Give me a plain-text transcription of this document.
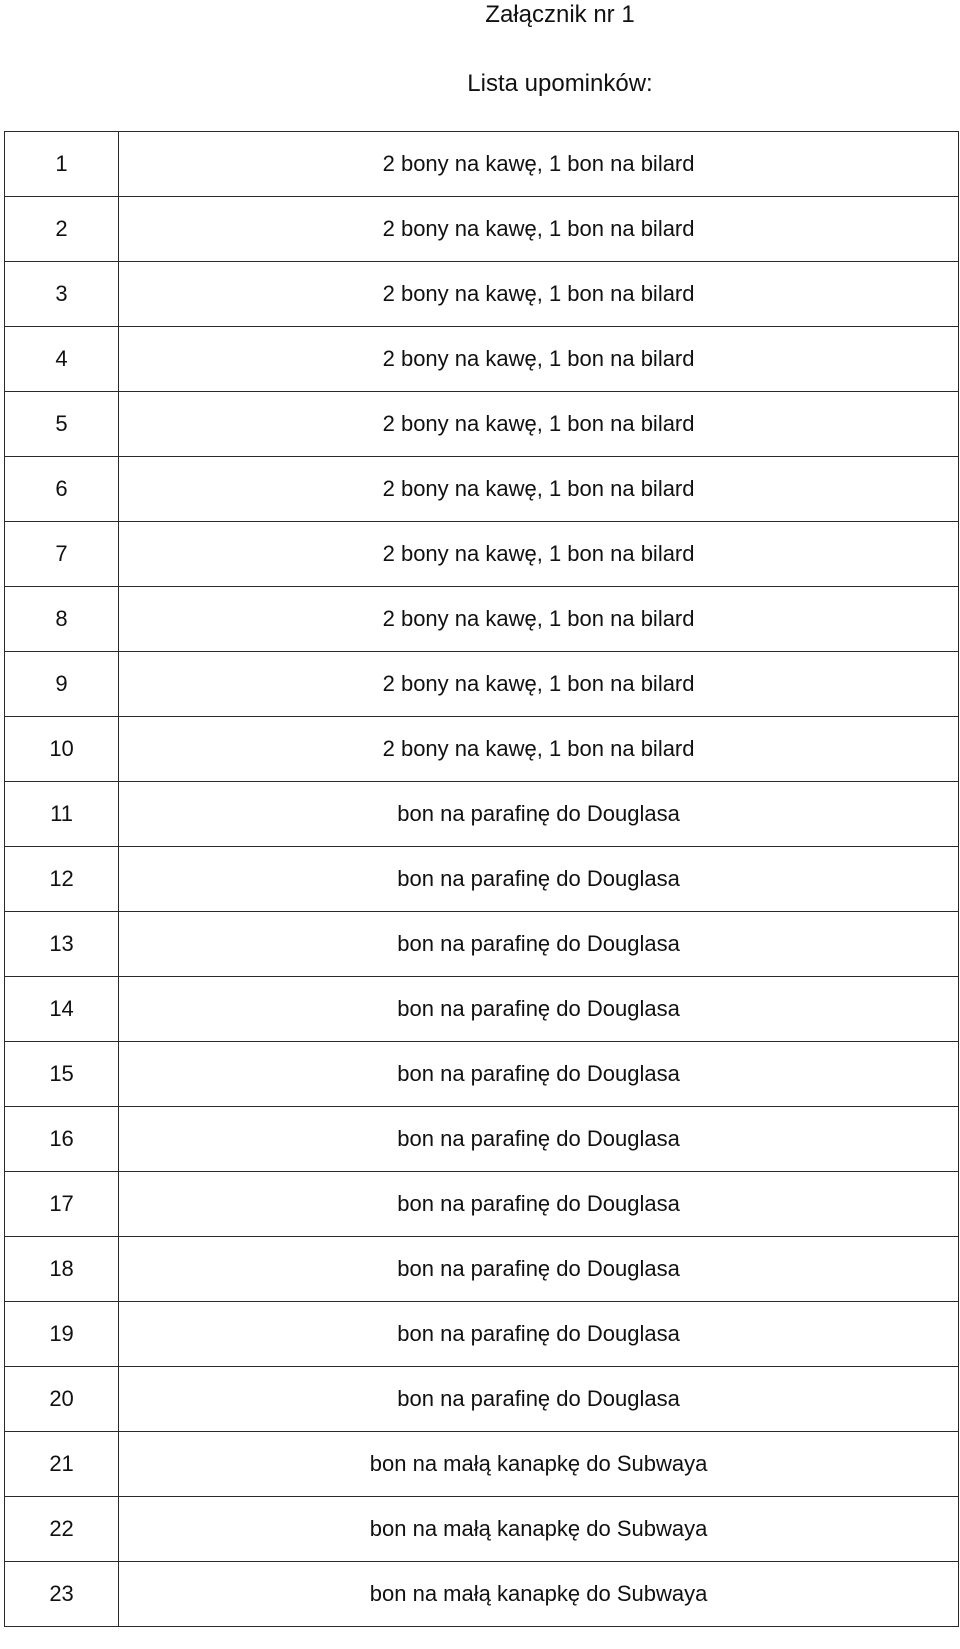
Załącznik nr 1
Lista upominków:
1	2 bony na kawę, 1 bon na bilard
2	2 bony na kawę, 1 bon na bilard
3	2 bony na kawę, 1 bon na bilard
4	2 bony na kawę, 1 bon na bilard
5	2 bony na kawę, 1 bon na bilard
6	2 bony na kawę, 1 bon na bilard
7	2 bony na kawę, 1 bon na bilard
8	2 bony na kawę, 1 bon na bilard
9	2 bony na kawę, 1 bon na bilard
10	2 bony na kawę, 1 bon na bilard
11	bon na parafinę do Douglasa
12	bon na parafinę do Douglasa
13	bon na parafinę do Douglasa
14	bon na parafinę do Douglasa
15	bon na parafinę do Douglasa
16	bon na parafinę do Douglasa
17	bon na parafinę do Douglasa
18	bon na parafinę do Douglasa
19	bon na parafinę do Douglasa
20	bon na parafinę do Douglasa
21	bon na małą kanapkę do Subwaya
22	bon na małą kanapkę do Subwaya
23	bon na małą kanapkę do Subwaya
